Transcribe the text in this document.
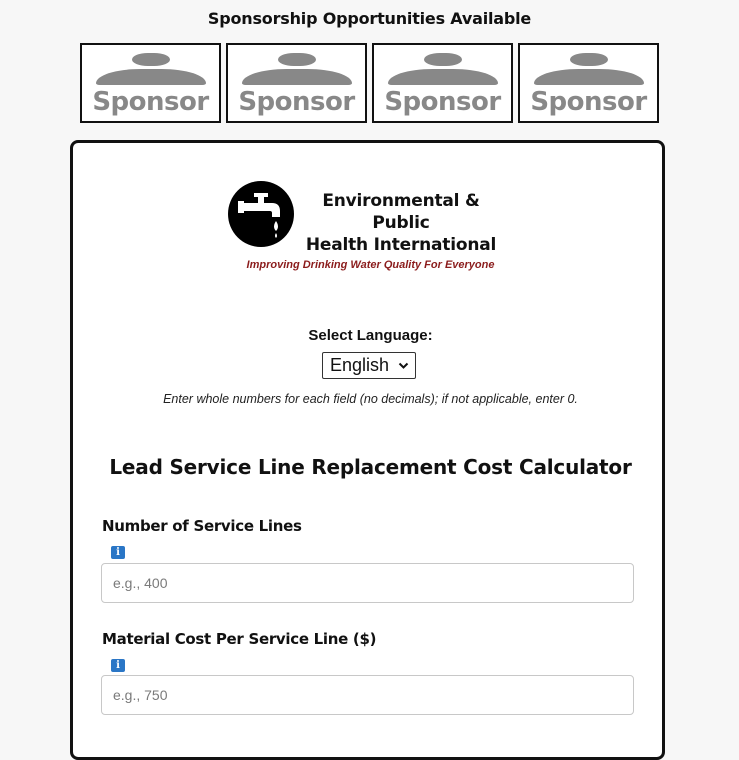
Sponsorship Opportunities Available
Sponsor	Sponsor	Sponsor	Sponsor
Environmental & Public
Health International
Improving Drinking Water Quality For Everyone
Select Language:
English
Enter whole numbers for each field (no decimals); if not applicable, enter 0.
Lead Service Line Replacement Cost Calculator
Number of Service Lines
i
e.g., 400
Material Cost Per Service Line ($)
i
e.g., 750
